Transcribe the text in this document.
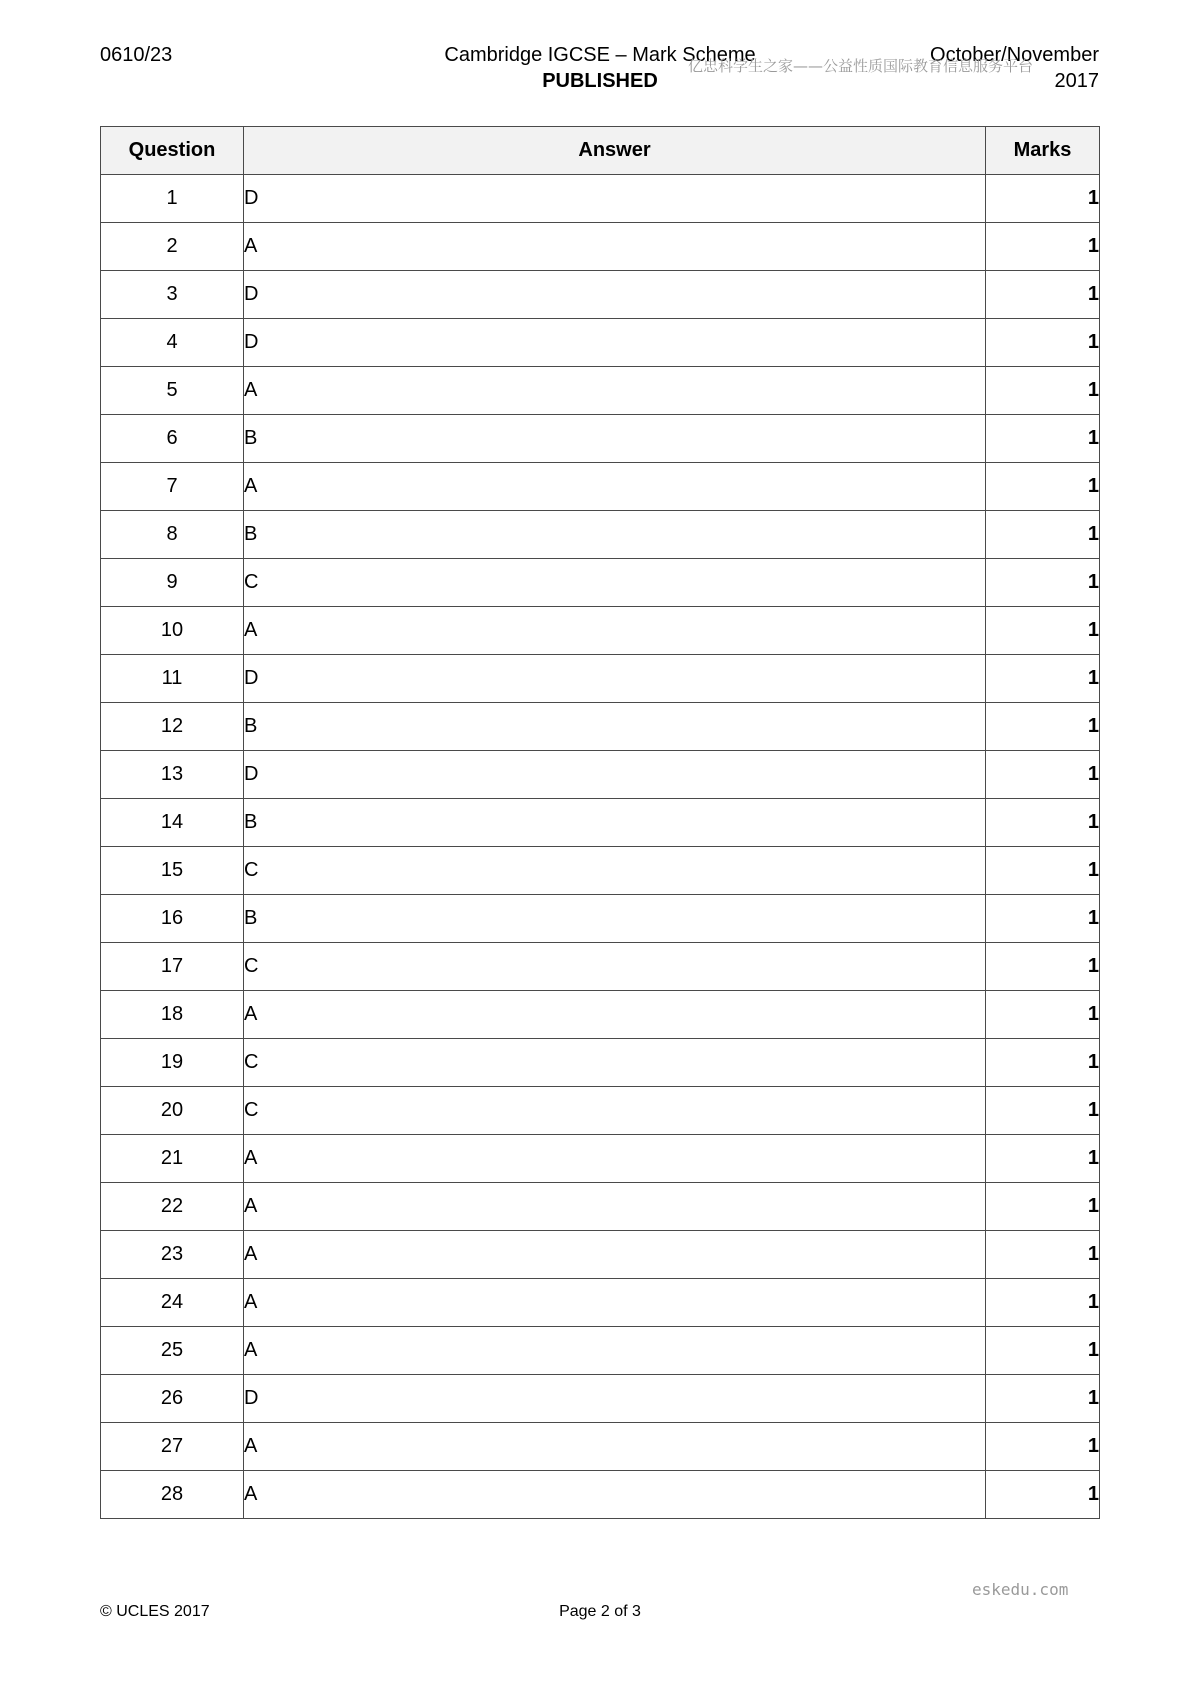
0610/23	Cambridge IGCSE – Mark Scheme
PUBLISHED
October/November
2017
亿忠科学生之家——公益性质国际教育信息服务平台
Question	Answer	Marks
1	D	1
2	A	1
3	D	1
4	D	1
5	A	1
6	B	1
7	A	1
8	B	1
9	C	1
10	A	1
11	D	1
12	B	1
13	D	1
14	B	1
15	C	1
16	B	1
17	C	1
18	A	1
19	C	1
20	C	1
21	A	1
22	A	1
23	A	1
24	A	1
25	A	1
26	D	1
27	A	1
28	A	1
© UCLES 2017	Page 2 of 3
eskedu.com
